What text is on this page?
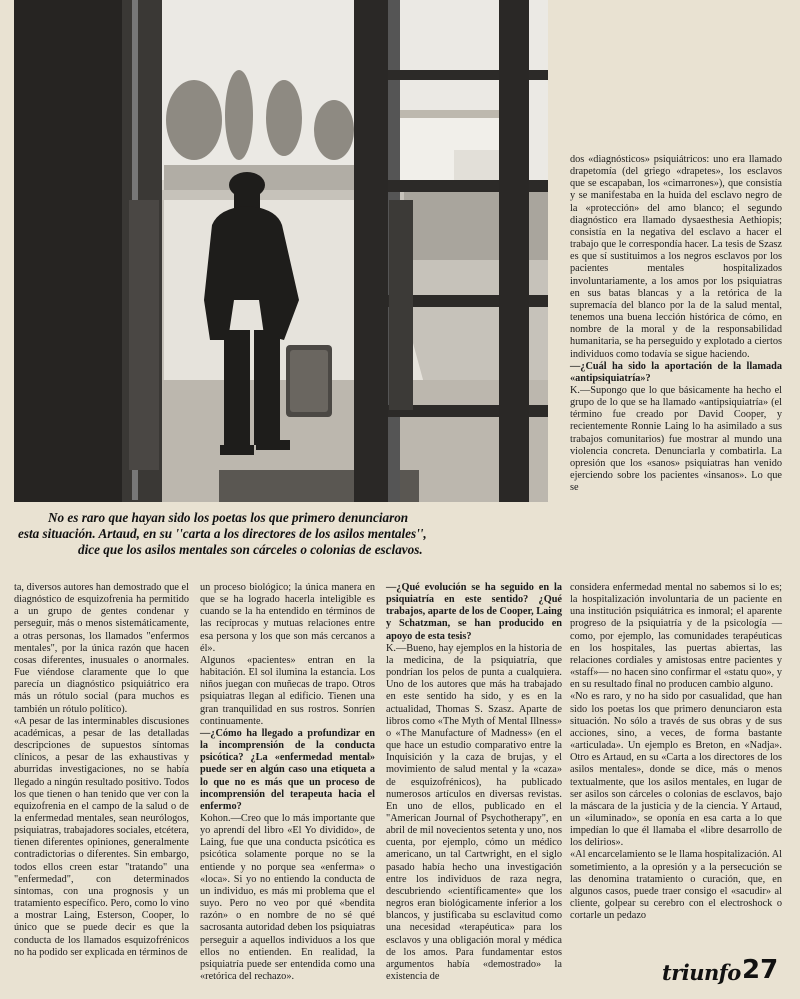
No es raro que hayan sido los poetas los que primero denunciaron
esta situación. Artaud, en su ''carta a los directores de los asilos mentales'',
dice que los asilos mentales son cárceles o colonias de esclavos.

dos «diagnósticos» psiquiátricos: uno era llamado drapetomía (del griego «drapetes», los esclavos que se escapaban, los «cimarrones»), que consistía y se manifestaba en la huida del esclavo negro de la «protección» del amo blanco; el segundo diagnóstico era llamado dysaesthesia Aethiopis; consistía en la negativa del esclavo a hacer el trabajo que le correspondía hacer. La tesis de Szasz es que sí sustituimos a los negros esclavos por los pacientes mentales hospitalizados involuntariamente, a los amos por los psiquiatras en sus batas blancas y a la retórica de la supremacía del blanco por la de la salud mental, tenemos una buena lección histórica de cómo, en nombre de la moral y de la responsabilidad humanitaria, se ha perseguido y explotado a ciertos individuos como todavía se sigue haciendo.

—¿Cuál ha sido la aportación de la llamada «antipsiquiatría»?

K.—Supongo que lo que básicamente ha hecho el grupo de lo que se ha llamado «antipsiquiatría» (el término fue creado por David Cooper, y recientemente Ronnie Laing lo ha asimilado a sus trabajos comunitarios) fue mostrar al mundo una violencia concreta. Denunciarla y combatirla. La opresión que los «sanos» psiquiatras han venido ejerciendo sobre los pacientes «insanos». Lo que se

ta, diversos autores han demostrado que el diagnóstico de esquizofrenia ha permitido a un grupo de gentes condenar y perseguir, más o menos sistemáticamente, a otras personas, los llamados "enfermos mentales", por la única razón que hacen cosas diferentes, inusuales o anormales. Fue viéndose claramente que lo que parecía un diagnóstico psiquiátrico era más un rótulo social (para muchos es también un rótulo político).

«A pesar de las interminables discusiones académicas, a pesar de las detalladas descripciones de supuestos síntomas clínicos, a pesar de las exhaustivas y aburridas investigaciones, no se había llegado a ningún resultado positivo. Todos los que tienen o han tenido que ver con la equizofrenia en el campo de la salud o de la enfermedad mentales, sean neurólogos, psiquiatras, trabajadores sociales, etcétera, tienen diferentes opiniones, generalmente contradictorias o diferentes. Sin embargo, todos ellos creen estar "tratando" una "enfermedad", con determinados síntomas, con una prognosis y un tratamiento específico. Pero, como lo vino a mostrar Laing, Esterson, Cooper, lo único que se puede decir es que la conducta de los llamados esquizofrénicos no ha podido ser explicada en términos de

un proceso biológico; la única manera en que se ha logrado hacerla inteligible es cuando se la ha entendido en términos de las recíprocas y mutuas relaciones entre esa persona y los que son más cercanos a él».

Algunos «pacientes» entran en la habitación. El sol ilumina la estancia. Los niños juegan con muñecas de trapo. Otros psiquiatras llegan al edificio. Tienen una gran tranquilidad en sus rostros. Sonríen continuamente.

—¿Cómo ha llegado a profundizar en la incomprensión de la conducta psicótica? ¿La «enfermedad mental» puede ser en algún caso una etiqueta a lo que no es más que un proceso de incomprensión del terapeuta hacia el enfermo?

Kohon.—Creo que lo más importante que yo aprendí del libro «El Yo dividido», de Laing, fue que una conducta psicótica es psicótica solamente porque no se la entiende y no porque sea «enferma» o «loca». Si yo no entiendo la conducta de un individuo, es más mi problema que el suyo. Pero no veo por qué «bendita razón» o en nombre de no sé qué sacrosanta autoridad deben los psiquiatras perseguir a aquellos individuos a los que ellos no entienden. En realidad, la psiquiatría puede ser entendida como una «retórica del rechazo».

—¿Qué evolución se ha seguido en la psiquiatría en este sentido? ¿Qué trabajos, aparte de los de Cooper, Laing y Schatzman, se han producido en apoyo de esta tesis?

K.—Bueno, hay ejemplos en la historia de la medicina, de la psiquiatría, que pondrían los pelos de punta a cualquiera. Uno de los autores que más ha trabajado en este sentido ha sido, y es en la actualidad, Thomas S. Szasz. Aparte de libros como «The Myth of Mental Illness» o «The Manufacture of Madness» (en el que hace un estudio comparativo entre la Inquisición y la caza de brujas, y el movimiento de salud mental y la «caza» de esquizofrénicos), ha publicado numerosos artículos en diversas revistas. En uno de ellos, publicado en el "American Journal of Psychotherapy", en abril de mil novecientos setenta y uno, nos cuenta, por ejemplo, cómo un médico americano, un tal Cartwright, en el siglo pasado había hecho una investigación entre los individuos de raza negra, descubriendo «científicamente» que los negros eran biológicamente inferior a los blancos, y justificaba su esclavitud como una necesidad «terapéutica» para los esclavos y una obligación moral y médica de los amos. Para fundamentar estos argumentos había «demostrado» la existencia de

considera enfermedad mental no sabemos si lo es; la hospitalización involuntaria de un paciente en una institución psiquiátrica es inmoral; el aparente progreso de la psiquiatría y de la psicología —como, por ejemplo, las comunidades terapéuticas en los hospitales, las puertas abiertas, las relaciones cordiales y amistosas entre pacientes y «staff»— no hacen sino confirmar el «statu quo», y en su resultado final no producen cambio alguno.

«No es raro, y no ha sido por casualidad, que han sido los poetas los que primero denunciaron esta situación. No sólo a través de sus obras y de sus acciones, sino, a veces, de forma bastante «articulada». Un ejemplo es Breton, en «Nadja». Otro es Artaud, en su «Carta a los directores de los asilos mentales», donde se dice, más o menos textualmente, que los asilos mentales, en lugar de ser asilos son cárceles o colonias de esclavos, bajo la máscara de la justicia y de la ciencia. Y Artaud, un «iluminado», se oponía en esa carta a lo que impedían lo que él llamaba el «libre desarrollo de los delirios».

«Al encarcelamiento se le llama hospitalización. Al sometimiento, a la opresión y a la persecución se las denomina tratamiento o curación, que, en algunos casos, puede traer consigo el «sacudir» al cliente, golpear su cerebro con el electroshock o cortarle un pedazo

triunfo 27
